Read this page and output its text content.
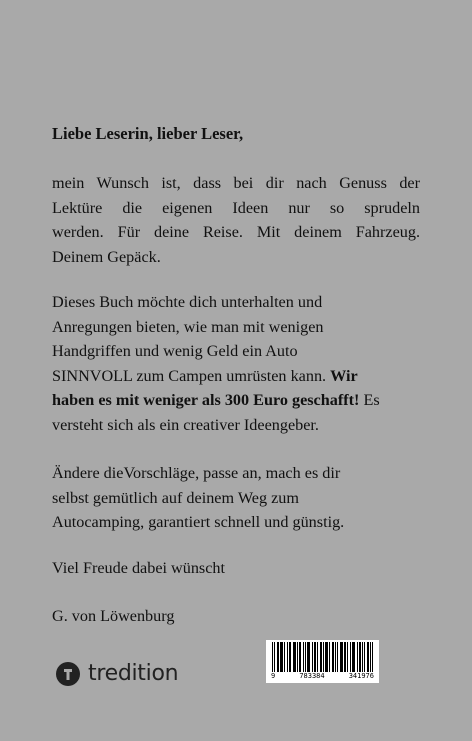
Liebe Leserin, lieber Leser,
mein Wunsch ist, dass bei dir nach Genuss der
Lektüre die eigenen Ideen nur so sprudeln
werden. Für deine Reise. Mit deinem Fahrzeug.
Deinem Gepäck.
Dieses Buch möchte dich unterhalten und
Anregungen bieten, wie man mit wenigen
Handgriffen und wenig Geld ein Auto
SINNVOLL zum Campen umrüsten kann. Wir
haben es mit weniger als 300 Euro geschafft! Es
versteht sich als ein creativer Ideengeber.
Ändere dieVorschläge, passe an, mach es dir
selbst gemütlich auf deinem Weg zum
Autocamping, garantiert schnell und günstig.
Viel Freude dabei wünscht
G. von Löwenburg
tredition	9	783384	341976
